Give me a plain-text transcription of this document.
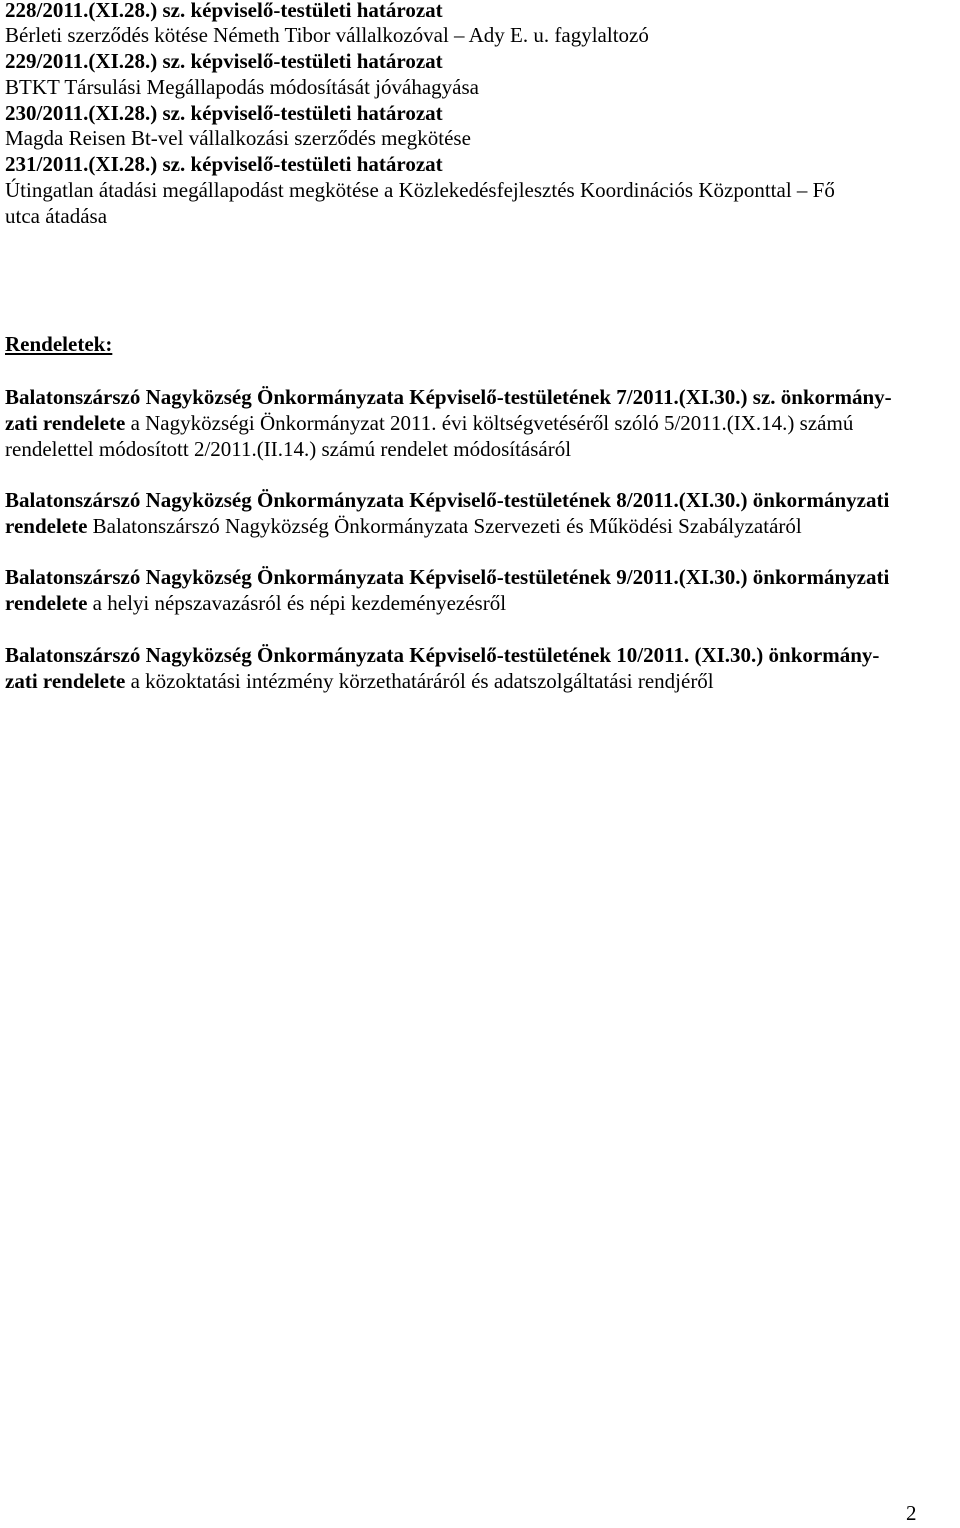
228/2011.(XI.28.) sz. képviselő-testületi határozat
Bérleti szerződés kötése Németh Tibor vállalkozóval – Ady E. u. fagylaltozó
229/2011.(XI.28.) sz. képviselő-testületi határozat
BTKT Társulási Megállapodás módosítását jóváhagyása
230/2011.(XI.28.) sz. képviselő-testületi határozat
Magda Reisen Bt-vel vállalkozási szerződés megkötése
231/2011.(XI.28.) sz. képviselő-testületi határozat
Útingatlan átadási megállapodást megkötése a Közlekedésfejlesztés Koordinációs Központtal – Fő
utca átadása
Rendeletek:
Balatonszárszó Nagyközség Önkormányzata Képviselő-testületének 7/2011.(XI.30.) sz. önkormány-
zati rendelete a Nagyközségi Önkormányzat 2011. évi költségvetéséről szóló 5/2011.(IX.14.) számú
rendelettel módosított 2/2011.(II.14.) számú rendelet módosításáról
Balatonszárszó Nagyközség Önkormányzata Képviselő-testületének 8/2011.(XI.30.) önkormányzati
rendelete Balatonszárszó Nagyközség Önkormányzata Szervezeti és Működési Szabályzatáról
Balatonszárszó Nagyközség Önkormányzata Képviselő-testületének 9/2011.(XI.30.) önkormányzati
rendelete a helyi népszavazásról és népi kezdeményezésről
Balatonszárszó Nagyközség Önkormányzata Képviselő-testületének 10/2011. (XI.30.) önkormány-
zati rendelete a közoktatási intézmény körzethatáráról és adatszolgáltatási rendjéről
2
